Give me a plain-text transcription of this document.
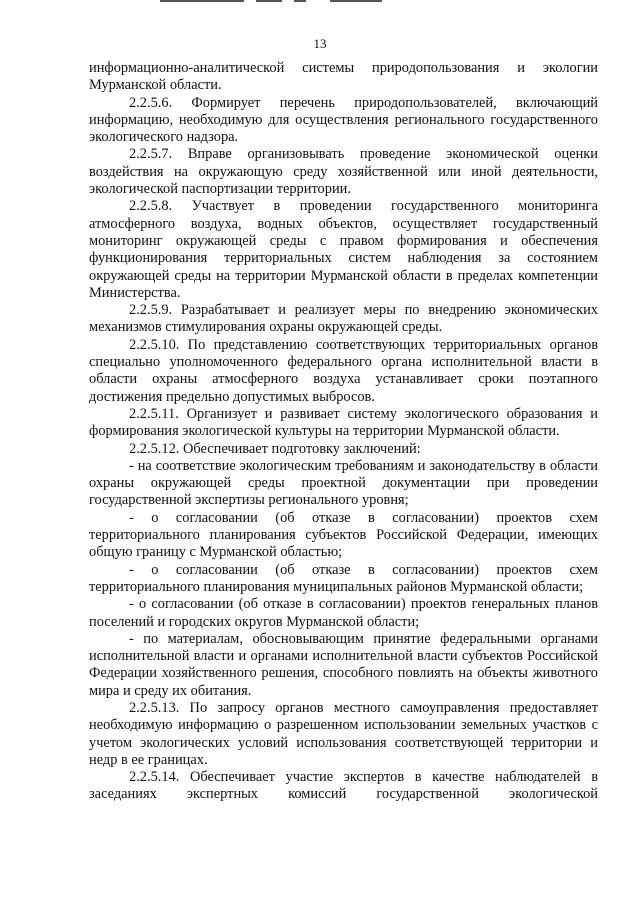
13

информационно-аналитической системы природопользования и экологии Мурманской области.

2.2.5.6. Формирует перечень природопользователей, включающий информацию, необходимую для осуществления регионального государственного экологического надзора.

2.2.5.7. Вправе организовывать проведение экономической оценки воздействия на окружающую среду хозяйственной или иной деятельности, экологической паспортизации территории.

2.2.5.8. Участвует в проведении государственного мониторинга атмосферного воздуха, водных объектов, осуществляет государственный мониторинг окружающей среды с правом формирования и обеспечения функционирования территориальных систем наблюдения за состоянием окружающей среды на территории Мурманской области в пределах компетенции Министерства.

2.2.5.9. Разрабатывает и реализует меры по внедрению экономических механизмов стимулирования охраны окружающей среды.

2.2.5.10. По представлению соответствующих территориальных органов специально уполномоченного федерального органа исполнительной власти в области охраны атмосферного воздуха устанавливает сроки поэтапного достижения предельно допустимых выбросов.

2.2.5.11. Организует и развивает систему экологического образования и формирования экологической культуры на территории Мурманской области.

2.2.5.12. Обеспечивает подготовку заключений:

- на соответствие экологическим требованиям и законодательству в области охраны окружающей среды проектной документации при проведении государственной экспертизы регионального уровня;

- о согласовании (об отказе в согласовании) проектов схем территориального планирования субъектов Российской Федерации, имеющих общую границу с Мурманской областью;

- о согласовании (об отказе в согласовании) проектов схем территориального планирования муниципальных районов Мурманской области;

- о согласовании (об отказе в согласовании) проектов генеральных планов поселений и городских округов Мурманской области;

- по материалам, обосновывающим принятие федеральными органами исполнительной власти и органами исполнительной власти субъектов Российской Федерации хозяйственного решения, способного повлиять на объекты животного мира и среду их обитания.

2.2.5.13. По запросу органов местного самоуправления предоставляет необходимую информацию о разрешенном использовании земельных участков с учетом экологических условий использования соответствующей территории и недр в ее границах.

2.2.5.14. Обеспечивает участие экспертов в качестве наблюдателей в заседаниях экспертных комиссий государственной экологической
